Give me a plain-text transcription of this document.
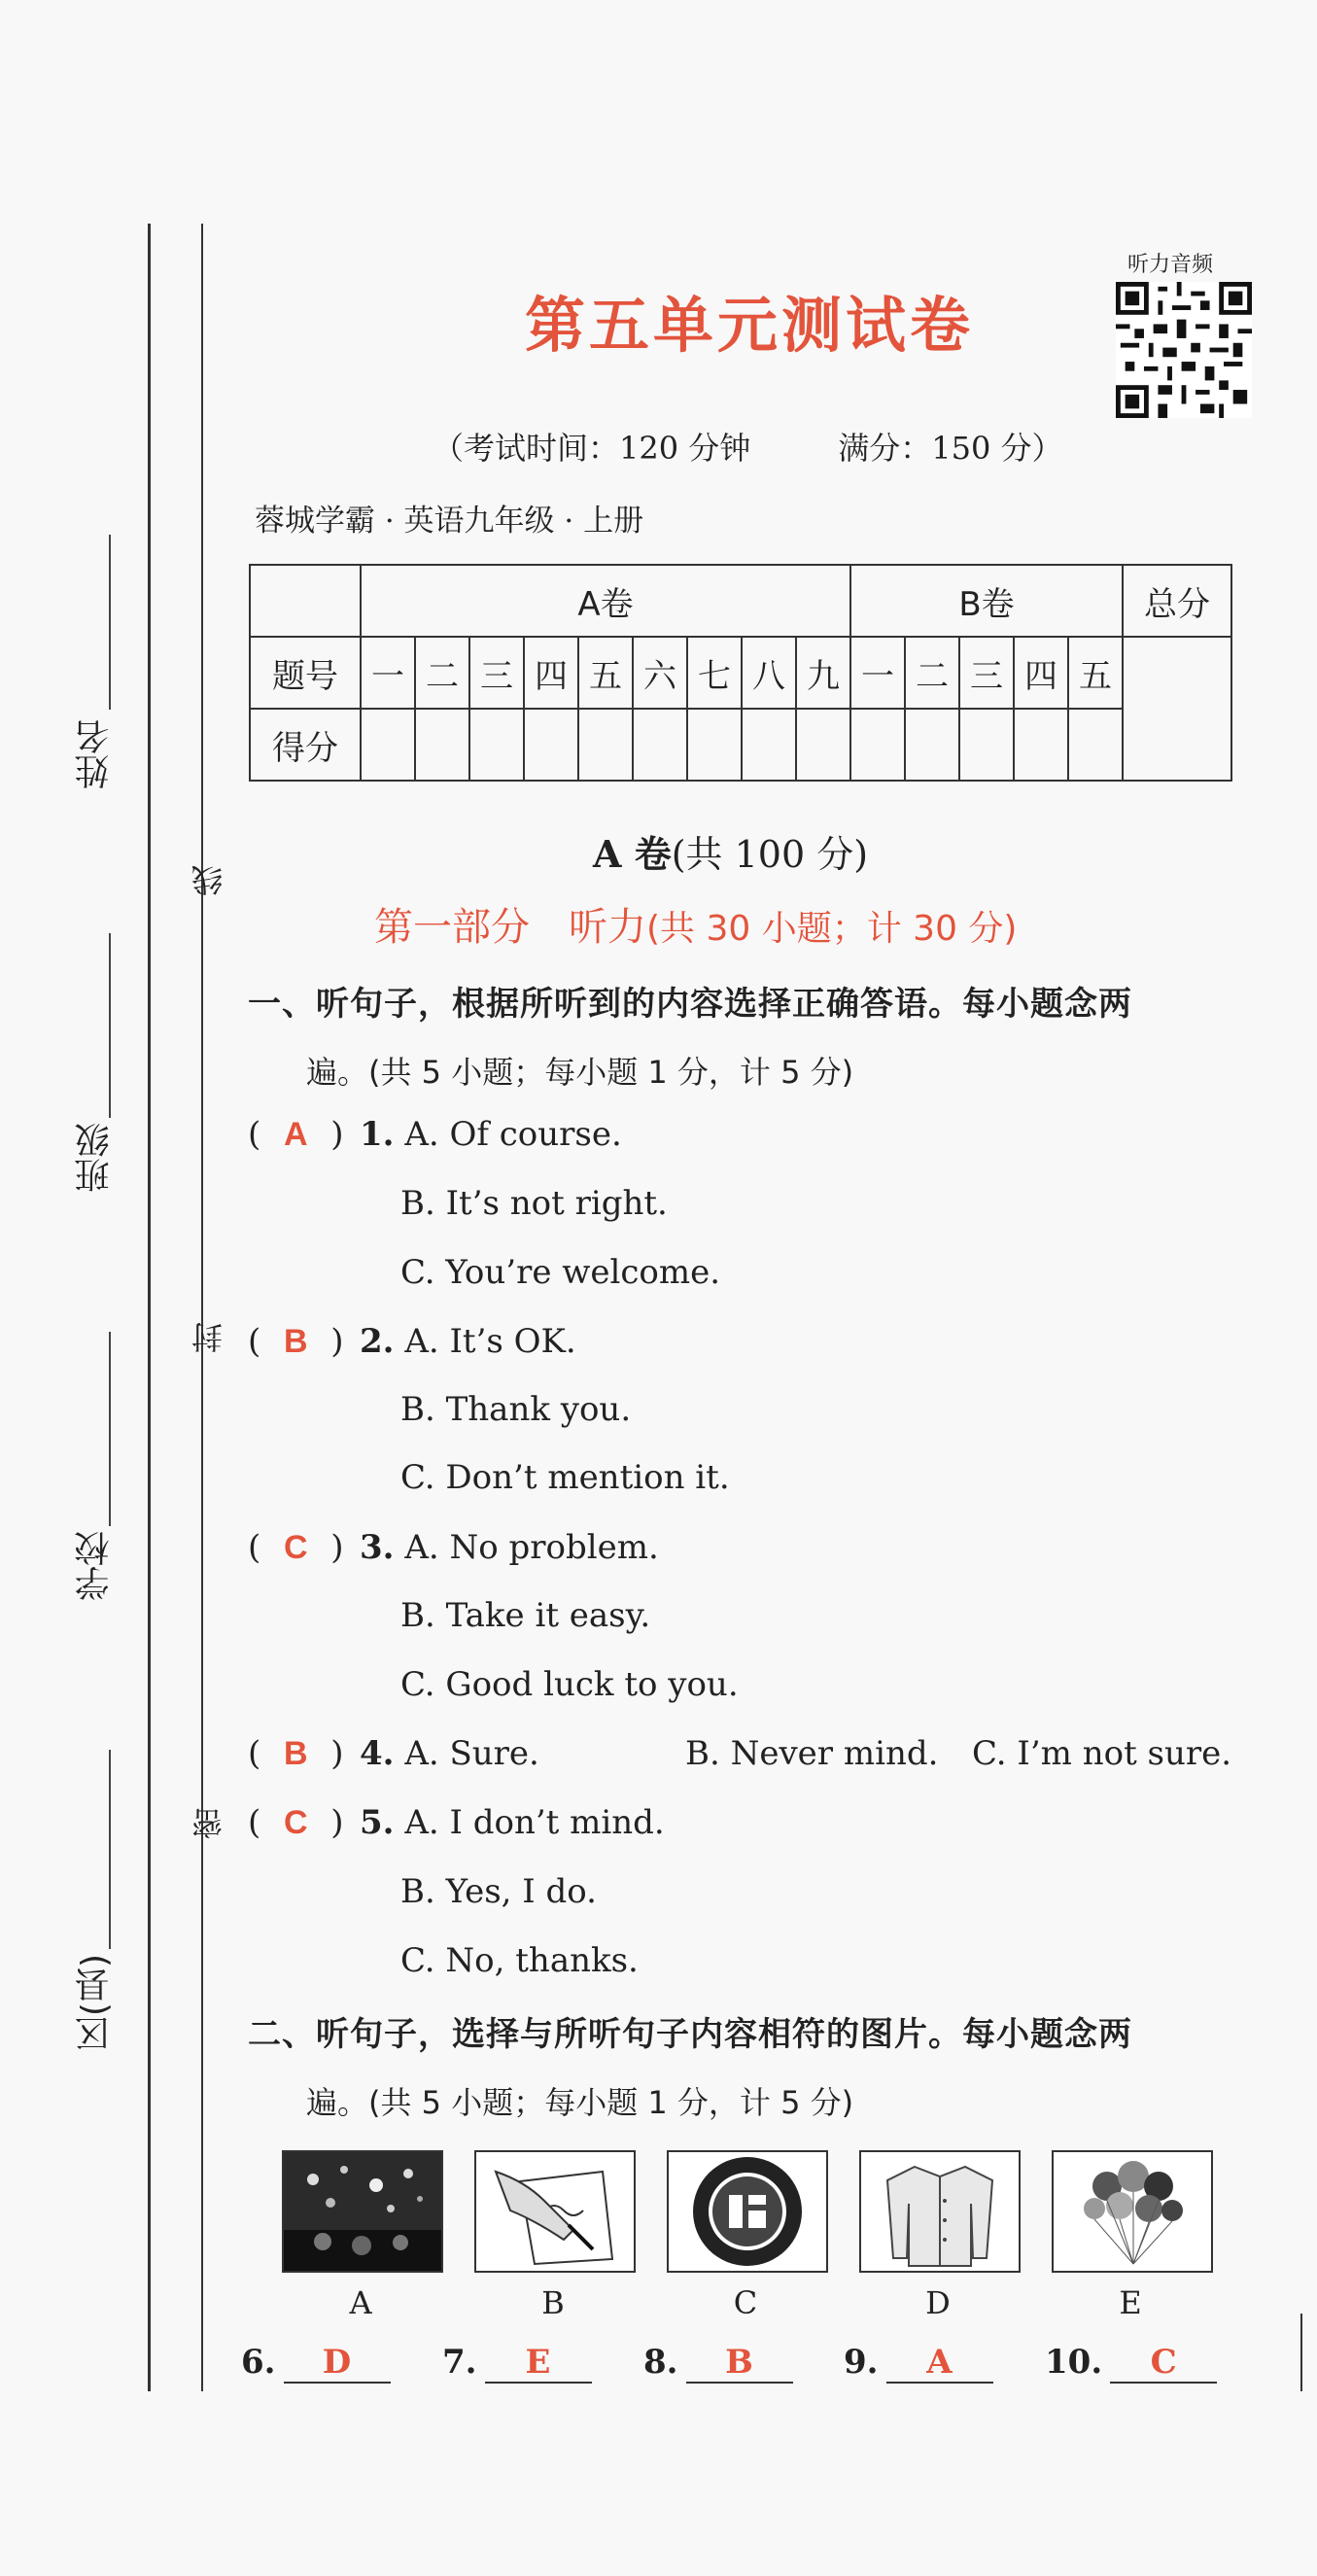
姓名
班级
学校
区(县)
线
封
密
第五单元测试卷
听力音频
（考试时间：120 分钟	满分：150 分）
蓉城学霸 · 英语九年级 · 上册
	A卷									B卷					总分
题号	一	二	三	四	五	六	七	八	九	一	二	三	四	五	
得分															
A 卷(共 100 分)
第一部分　听力(共 30 小题；计 30 分)
一、听句子，根据所听到的内容选择正确答语。每小题念两
遍。(共 5 小题；每小题 1 分，计 5 分)
( A ) 1. A. Of course.
B. It’s not right.
C. You’re welcome.
( B ) 2. A. It’s OK.
B. Thank you.
C. Don’t mention it.
( C ) 3. A. No problem.
B. Take it easy.
C. Good luck to you.
( B ) 4. A. Sure.	B. Never mind. C. I’m not sure.
( C ) 5. A. I don’t mind.
B. Yes, I do.
C. No, thanks.
二、听句子，选择与所听句子内容相符的图片。每小题念两
遍。(共 5 小题；每小题 1 分，计 5 分)
A	B	C	D	E
6. D	7. E	8. B	9. A	10. C
